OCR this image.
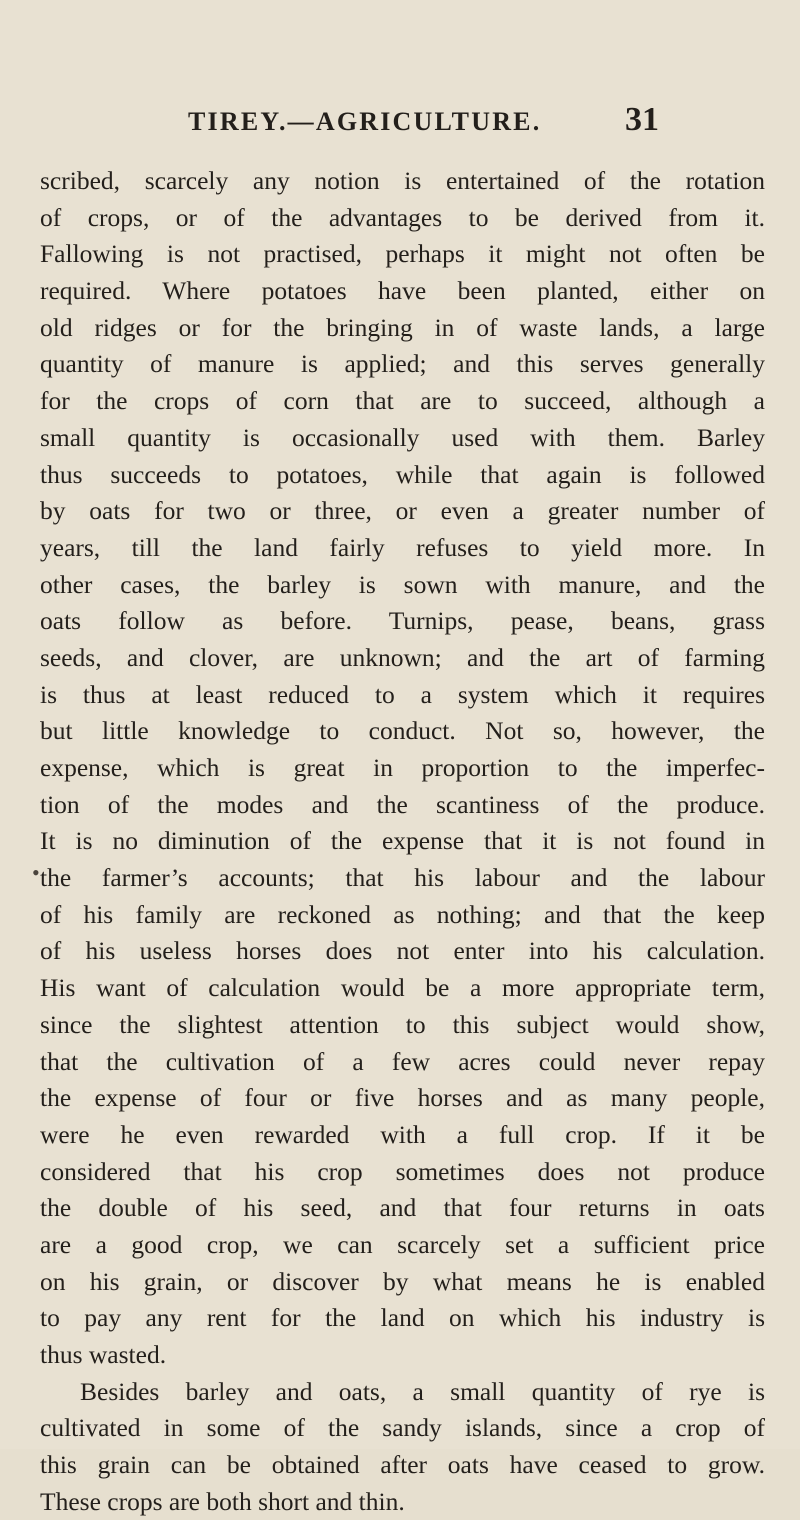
TIREY.—AGRICULTURE.	31
•
scribed, scarcely any notion is entertained of the rotation
of crops, or of the advantages to be derived from it.
Fallowing is not practised, perhaps it might not often be
required. Where potatoes have been planted, either on
old ridges or for the bringing in of waste lands, a large
quantity of manure is applied; and this serves generally
for the crops of corn that are to succeed, although a
small quantity is occasionally used with them. Barley
thus succeeds to potatoes, while that again is followed
by oats for two or three, or even a greater number of
years, till the land fairly refuses to yield more. In
other cases, the barley is sown with manure, and the
oats follow as before. Turnips, pease, beans, grass
seeds, and clover, are unknown; and the art of farming
is thus at least reduced to a system which it requires
but little knowledge to conduct. Not so, however, the
expense, which is great in proportion to the imperfec-
tion of the modes and the scantiness of the produce.
It is no diminution of the expense that it is not found in
the farmer’s accounts; that his labour and the labour
of his family are reckoned as nothing; and that the keep
of his useless horses does not enter into his calculation.
His want of calculation would be a more appropriate term,
since the slightest attention to this subject would show,
that the cultivation of a few acres could never repay
the expense of four or five horses and as many people,
were he even rewarded with a full crop. If it be
considered that his crop sometimes does not produce
the double of his seed, and that four returns in oats
are a good crop, we can scarcely set a sufficient price
on his grain, or discover by what means he is enabled
to pay any rent for the land on which his industry is
thus wasted.
Besides barley and oats, a small quantity of rye is
cultivated in some of the sandy islands, since a crop of
this grain can be obtained after oats have ceased to grow.
These crops are both short and thin.
